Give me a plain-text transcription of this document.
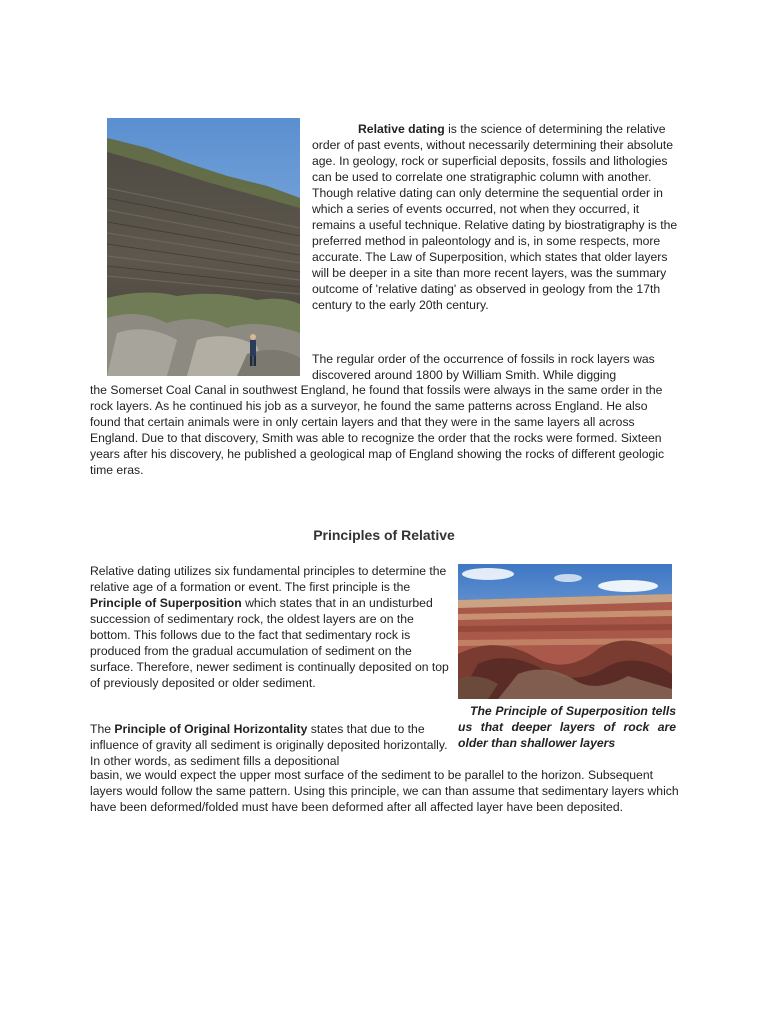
Relative dating is the science of determining the relative order of past events, without necessarily determining their absolute age. In geology, rock or superficial deposits, fossils and lithologies can be used to correlate one stratigraphic column with another. Though relative dating can only determine the sequential order in which a series of events occurred, not when they occurred, it remains a useful technique. Relative dating by biostratigraphy is the preferred method in paleontology and is, in some respects, more accurate. The Law of Superposition, which states that older layers will be deeper in a site than more recent layers, was the summary outcome of 'relative dating' as observed in geology from the 17th century to the early 20th century.
The regular order of the occurrence of fossils in rock layers was discovered around 1800 by William Smith. While digging
the Somerset Coal Canal in southwest England, he found that fossils were always in the same order in the rock layers. As he continued his job as a surveyor, he found the same patterns across England. He also found that certain animals were in only certain layers and that they were in the same layers all across England. Due to that discovery, Smith was able to recognize the order that the rocks were formed. Sixteen years after his discovery, he published a geological map of England showing the rocks of different geologic time eras.
Principles of Relative
Relative dating utilizes six fundamental principles to determine the relative age of a formation or event. The first principle is the Principle of Superposition which states that in an undisturbed succession of sedimentary rock, the oldest layers are on the bottom. This follows due to the fact that sedimentary rock is produced from the gradual accumulation of sediment on the surface. Therefore, newer sediment is continually deposited on top of previously deposited or older sediment.
The Principle of Superposition tells us that deeper layers of rock are older than shallower layers
The Principle of Original Horizontality states that due to the influence of gravity all sediment is originally deposited horizontally. In other words, as sediment fills a depositional
basin, we would expect the upper most surface of the sediment to be parallel to the horizon. Subsequent layers would follow the same pattern. Using this principle, we can than assume that sedimentary layers which have been deformed/folded must have been deformed after all affected layer have been deposited.
